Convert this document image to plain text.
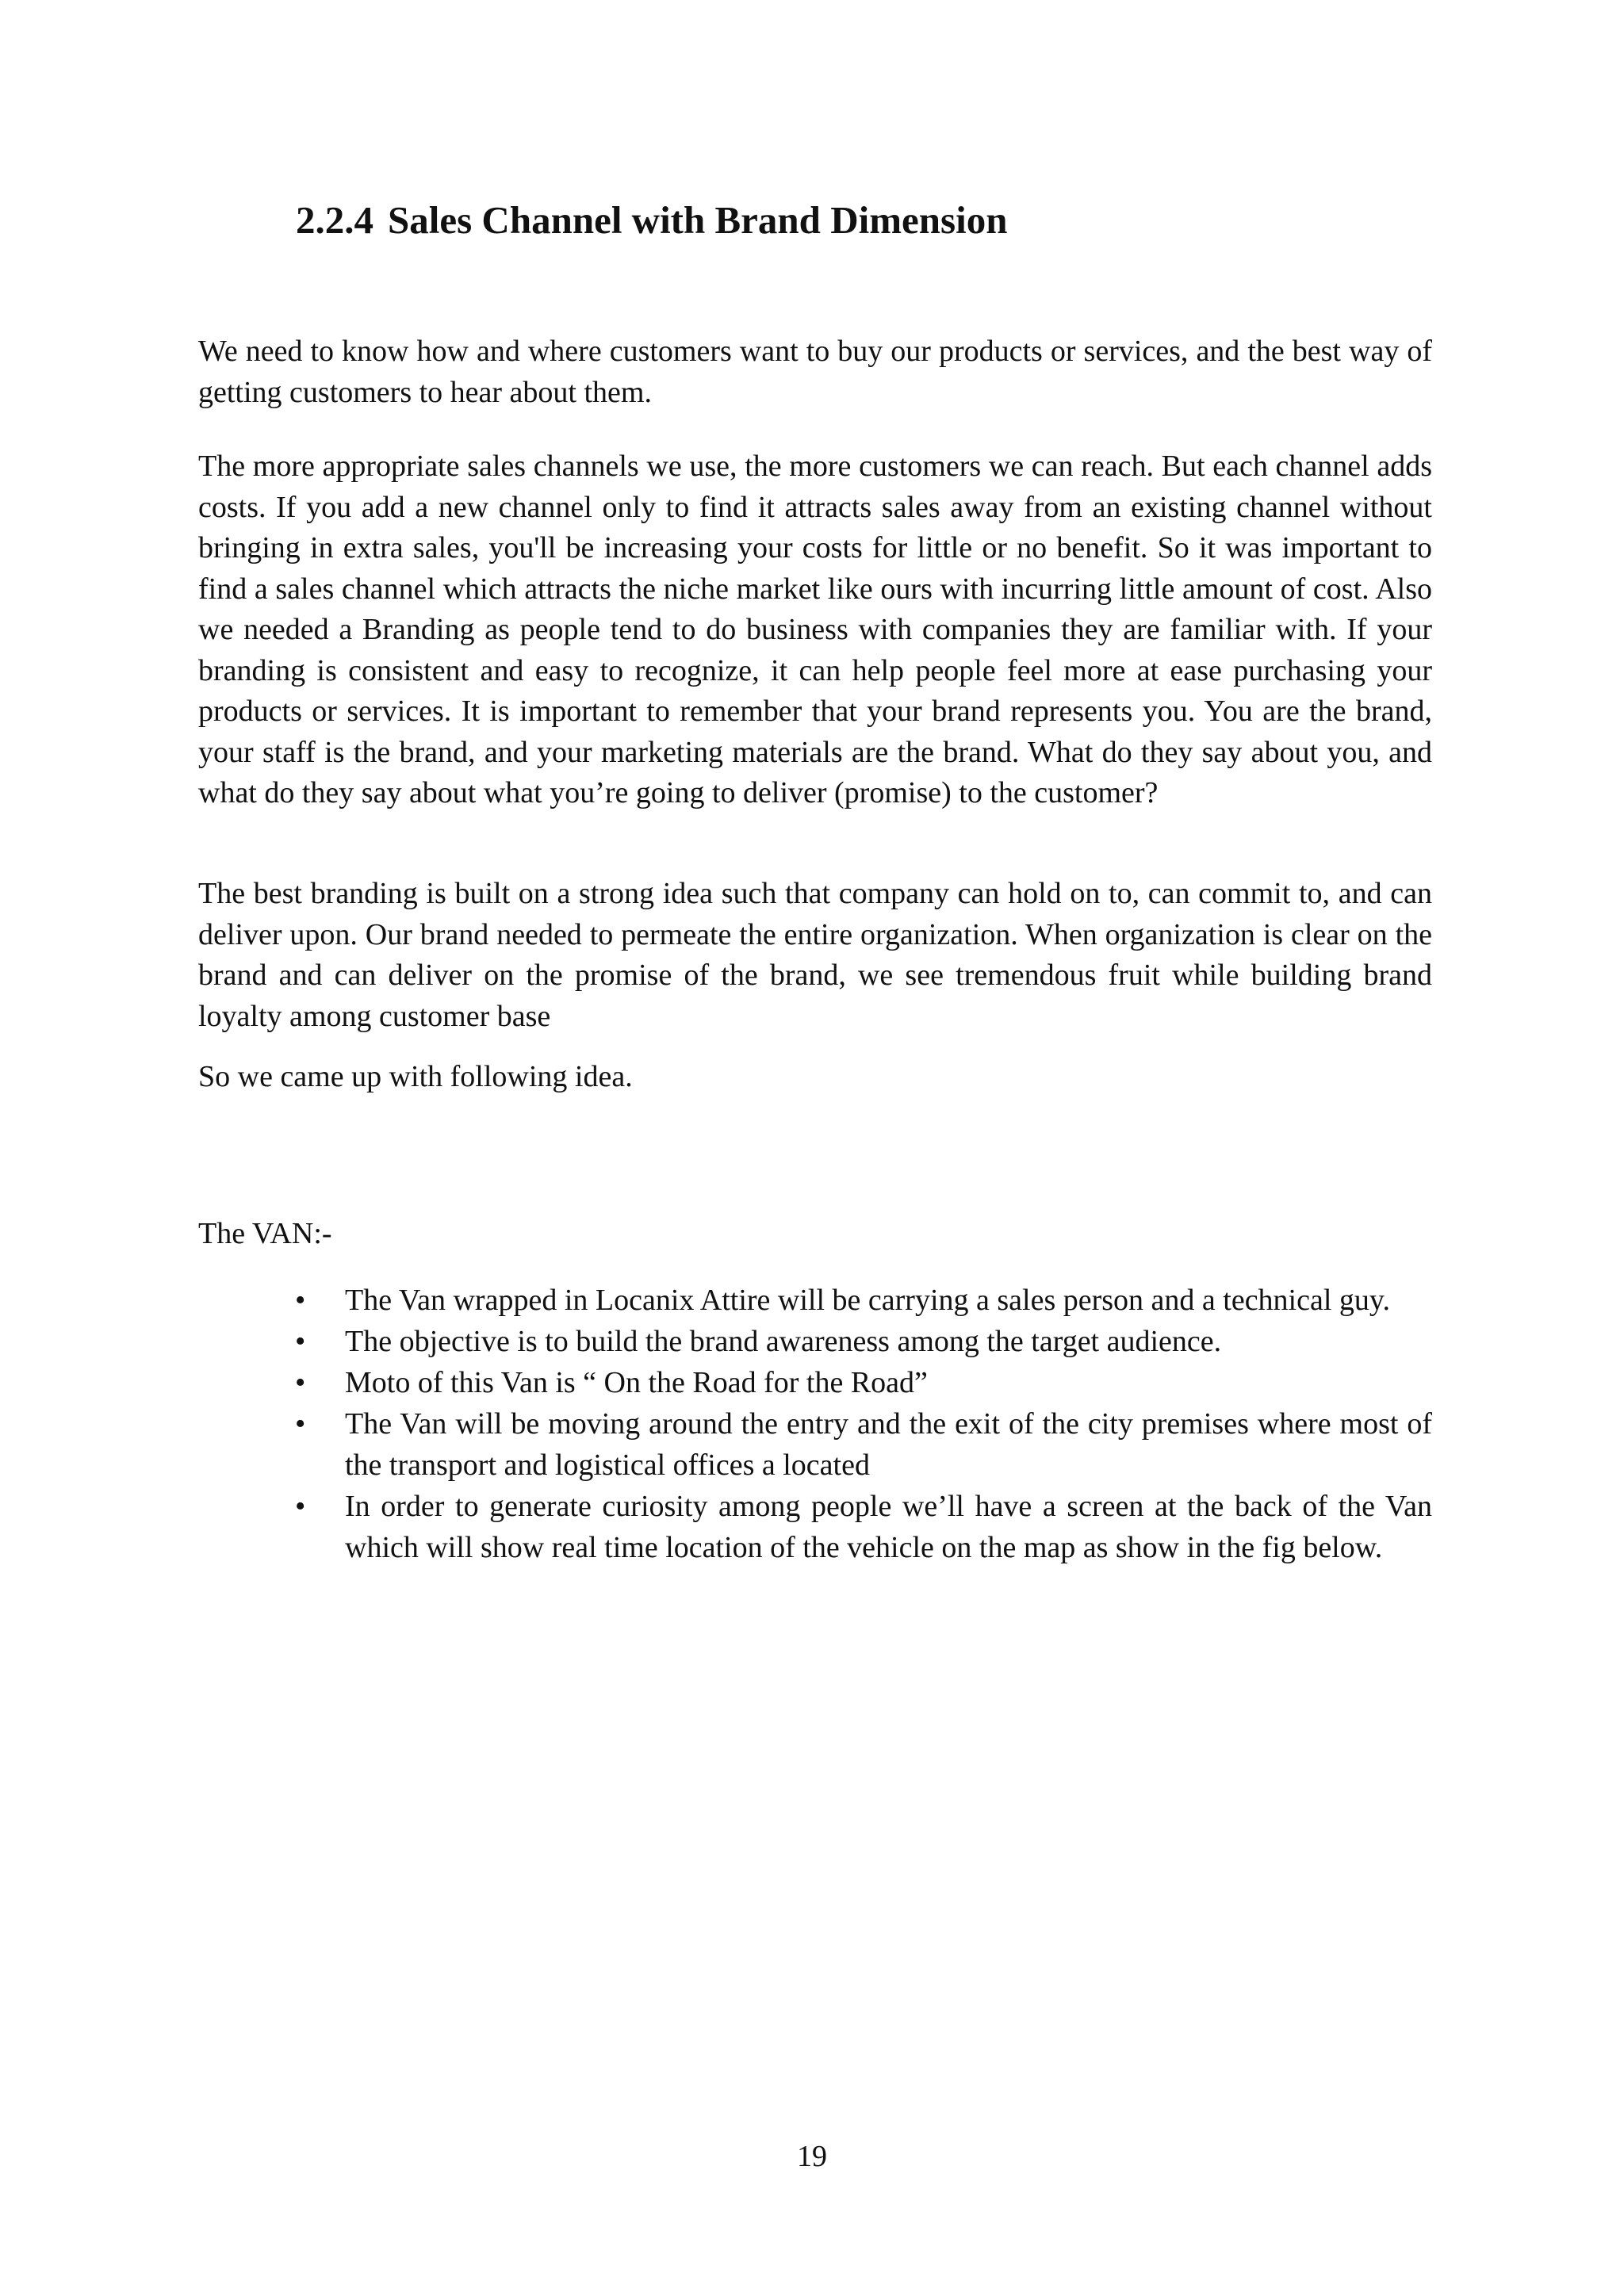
2.2.4 Sales Channel with Brand Dimension

We need to know how and where customers want to buy our products or services, and the best way of getting customers to hear about them.

The more appropriate sales channels we use, the more customers we can reach. But each channel adds costs. If you add a new channel only to find it attracts sales away from an existing channel without bringing in extra sales, you'll be increasing your costs for little or no benefit. So it was important to find a sales channel which attracts the niche market like ours with incurring little amount of cost. Also we needed a Branding as people tend to do business with companies they are familiar with. If your branding is consistent and easy to recognize, it can help people feel more at ease purchasing your products or services. It is important to remember that your brand represents you. You are the brand, your staff is the brand, and your marketing materials are the brand. What do they say about you, and what do they say about what you’re going to deliver (promise) to the customer?

The best branding is built on a strong idea such that company can hold on to, can commit to, and can deliver upon. Our brand needed to permeate the entire organization. When organization is clear on the brand and can deliver on the promise of the brand, we see tremendous fruit while building brand loyalty among customer base

So we came up with following idea.

The VAN:-

• The Van wrapped in Locanix Attire will be carrying a sales person and a technical guy.
• The objective is to build the brand awareness among the target audience.
• Moto of this Van is “ On the Road for the Road”
• The Van will be moving around the entry and the exit of the city premises where most of the transport and logistical offices a located
• In order to generate curiosity among people we’ll have a screen at the back of the Van which will show real time location of the vehicle on the map as show in the fig below.

19
